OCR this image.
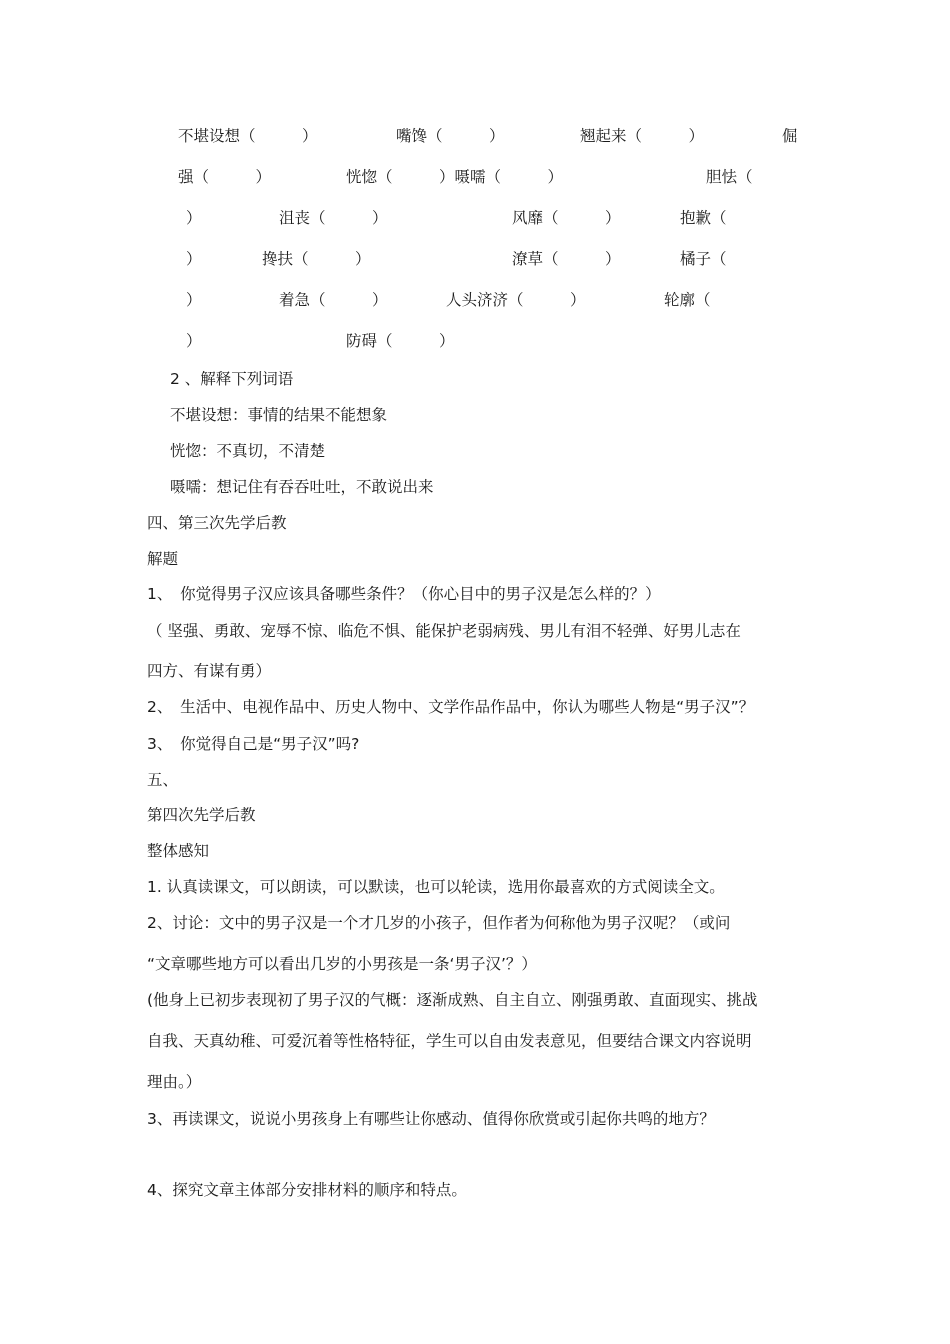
不堪设想（　　　）	嘴馋（　　　）	翘起来（　　　）	倔
强（　　　）	恍惚（　　　）嗫嚅（　　　）	胆怯（
）	沮丧（　　　）	风靡（　　　）	抱歉（
）	搀扶（　　　）	潦草（　　　）	橘子（
）	着急（　　　）	人头济济（　　　）	轮廓（
）	防碍（　　　）
2 、解释下列词语
不堪设想：事情的结果不能想象
恍惚：不真切，不清楚
嗫嚅：想记住有吞吞吐吐，不敢说出来
四、第三次先学后教
解题
1、　你觉得男子汉应该具备哪些条件？（你心目中的男子汉是怎么样的？）
（ 坚强、勇敢、宠辱不惊、临危不惧、能保护老弱病残、男儿有泪不轻弹、好男儿志在
四方、有谋有勇）
2、　生活中、电视作品中、历史人物中、文学作品作品中，你认为哪些人物是“男子汉”？
3、　你觉得自己是“男子汉”吗?
五、
第四次先学后教
整体感知
1. 认真读课文，可以朗读，可以默读，也可以轮读，选用你最喜欢的方式阅读全文。
2、讨论：文中的男子汉是一个才几岁的小孩子，但作者为何称他为男子汉呢？（或问
“文章哪些地方可以看出几岁的小男孩是一条‘男子汉’？）
(他身上已初步表现初了男子汉的气概：逐渐成熟、自主自立、刚强勇敢、直面现实、挑战
自我、天真幼稚、可爱沉着等性格特征，学生可以自由发表意见，但要结合课文内容说明
理由。）
3、再读课文，说说小男孩身上有哪些让你感动、值得你欣赏或引起你共鸣的地方？
4、探究文章主体部分安排材料的顺序和特点。
